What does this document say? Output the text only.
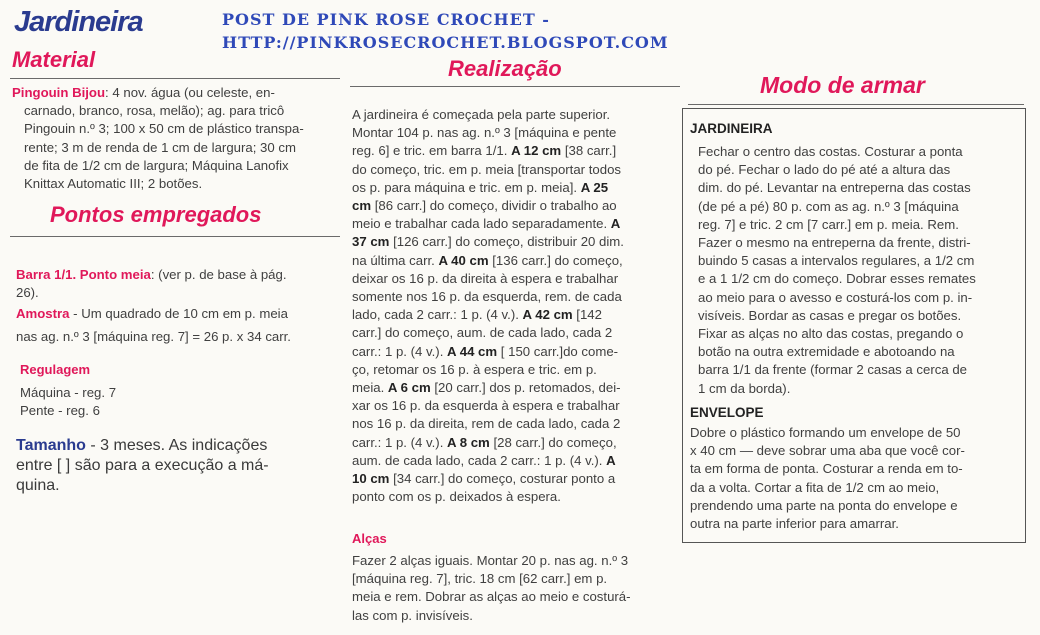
Jardineira	POST DE PINK ROSE CROCHET -
HTTP://PINKROSECROCHET.BLOGSPOT.COM
Material

Pingouin Bijou: 4 nov. água (ou celeste, en-

carnado, branco, rosa, melão); ag. para tricô

Pingouin n.º 3; 100 x 50 cm de plástico transpa-

rente; 3 m de renda de 1 cm de largura; 30 cm

de fita de 1/2 cm de largura; Máquina Lanofix

Knittax Automatic III; 2 botões.

Pontos empregados

Barra 1/1. Ponto meia: (ver p. de base à pág.

26).

Amostra - Um quadrado de 10 cm em p. meia

nas ag. n.º 3 [máquina reg. 7] = 26 p. x 34 carr.

Regulagem

Máquina - reg. 7

Pente - reg. 6

Tamanho - 3 meses. As indicações

entre [ ] são para a execução a má-

quina.

Realização

A jardineira é começada pela parte superior.

Montar 104 p. nas ag. n.º 3 [máquina e pente

reg. 6] e tric. em barra 1/1. A 12 cm [38 carr.]

do começo, tric. em p. meia [transportar todos

os p. para máquina e tric. em p. meia]. A 25

cm [86 carr.] do começo, dividir o trabalho ao

meio e trabalhar cada lado separadamente. A

37 cm [126 carr.] do começo, distribuir 20 dim.

na última carr. A 40 cm [136 carr.] do começo,

deixar os 16 p. da direita à espera e trabalhar

somente nos 16 p. da esquerda, rem. de cada

lado, cada 2 carr.: 1 p. (4 v.). A 42 cm [142

carr.] do começo, aum. de cada lado, cada 2

carr.: 1 p. (4 v.). A 44 cm [ 150 carr.]do come-

ço, retomar os 16 p. à espera e tric. em p.

meia. A 6 cm [20 carr.] dos p. retomados, dei-

xar os 16 p. da esquerda à espera e trabalhar

nos 16 p. da direita, rem de cada lado, cada 2

carr.: 1 p. (4 v.). A 8 cm [28 carr.] do começo,

aum. de cada lado, cada 2 carr.: 1 p. (4 v.). A

10 cm [34 carr.] do começo, costurar ponto a

ponto com os p. deixados à espera.

Alças

Fazer 2 alças iguais. Montar 20 p. nas ag. n.º 3

[máquina reg. 7], tric. 18 cm [62 carr.] em p.

meia e rem. Dobrar as alças ao meio e costurá-

las com p. invisíveis.

Modo de armar
JARDINEIRA

Fechar o centro das costas. Costurar a ponta

do pé. Fechar o lado do pé até a altura das

dim. do pé. Levantar na entreperna das costas

(de pé a pé) 80 p. com as ag. n.º 3 [máquina

reg. 7] e tric. 2 cm [7 carr.] em p. meia. Rem.

Fazer o mesmo na entreperna da frente, distri-

buindo 5 casas a intervalos regulares, a 1/2 cm

e a 1 1/2 cm do começo. Dobrar esses remates

ao meio para o avesso e costurá-los com p. in-

visíveis. Bordar as casas e pregar os botões.

Fixar as alças no alto das costas, pregando o

botão na outra extremidade e abotoando na

barra 1/1 da frente (formar 2 casas a cerca de

1 cm da borda).

ENVELOPE

Dobre o plástico formando um envelope de 50

x 40 cm — deve sobrar uma aba que você cor-

ta em forma de ponta. Costurar a renda em to-

da a volta. Cortar a fita de 1/2 cm ao meio,

prendendo uma parte na ponta do envelope e

outra na parte inferior para amarrar.
